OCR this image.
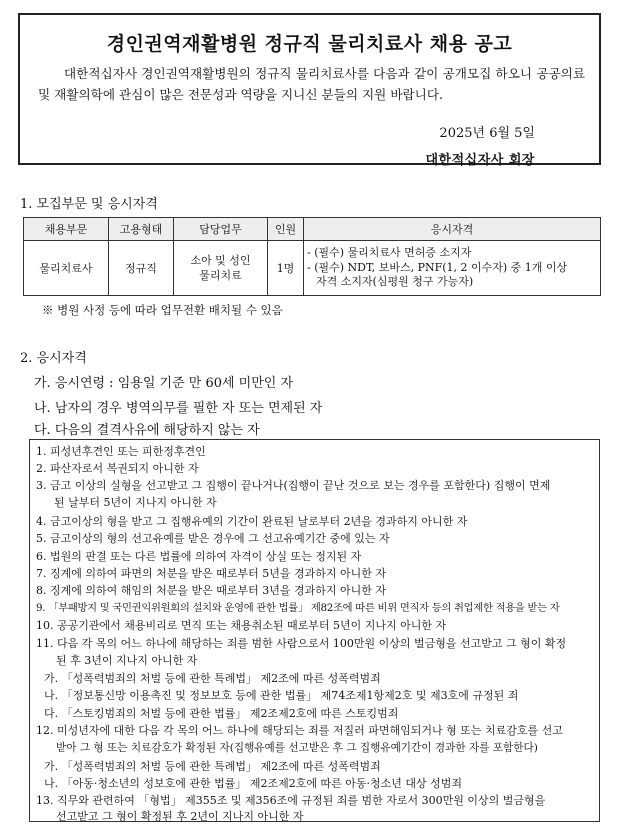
경인권역재활병원 정규직 물리치료사 채용 공고
대한적십자사 경인권역재활병원의 정규직 물리치료사를 다음과 같이 공개모집 하오니 공공의료 및 재활의학에 관심이 많은 전문성과 역량을 지니신 분들의 지원 바랍니다.
2025년 6월 5일
대한적십자사 회장
1. 모집부문 및 응시자격
채용부문	고용형태	담당업무	인원	응시자격
물리치료사	정규직	소아 및 성인 물리치료	1명	- (필수) 물리치료사 면허증 소지자
- (필수) NDT, 보바스, PNF(1, 2 이수자) 중 1개 이상
자격 소지자(심평원 청구 가능자)
※ 병원 사정 등에 따라 업무전환 배치될 수 있음
2. 응시자격
가. 응시연령 : 임용일 기준 만 60세 미만인 자
나. 남자의 경우 병역의무를 필한 자 또는 면제된 자
다. 다음의 결격사유에 해당하지 않는 자
1. 피성년후견인 또는 피한정후견인
2. 파산자로서 복권되지 아니한 자
3. 금고 이상의 실형을 선고받고 그 집행이 끝나거나(집행이 끝난 것으로 보는 경우를 포함한다) 집행이 면제
된 날부터 5년이 지나지 아니한 자
4. 금고이상의 형을 받고 그 집행유예의 기간이 완료된 날로부터 2년을 경과하지 아니한 자
5. 금고이상의 형의 선고유예를 받은 경우에 그 선고유예기간 중에 있는 자
6. 법원의 판결 또는 다른 법률에 의하여 자격이 상실 또는 정지된 자
7. 징계에 의하여 파면의 처분을 받은 때로부터 5년을 경과하지 아니한 자
8. 징계에 의하여 해임의 처분을 받은 때로부터 3년을 경과하지 아니한 자
9. 「부패방지 및 국민권익위원회의 설치와 운영에 관한 법률」 제82조에 따른 비위 면직자 등의 취업제한 적용을 받는 자
10. 공공기관에서 채용비리로 면직 또는 채용취소된 때로부터 5년이 지나지 아니한 자
11. 다음 각 목의 어느 하나에 해당하는 죄를 범한 사람으로서 100만원 이상의 벌금형을 선고받고 그 형이 확정
된 후 3년이 지나지 아니한 자
가. 「성폭력범죄의 처벌 등에 관한 특례법」 제2조에 따른 성폭력범죄
나. 「정보통신망 이용촉진 및 정보보호 등에 관한 법률」 제74조제1항제2호 및 제3호에 규정된 죄
다. 「스토킹범죄의 처벌 등에 관한 법률」 제2조제2호에 따른 스토킹범죄
12. 미성년자에 대한 다음 각 목의 어느 하나에 해당되는 죄를 저질러 파면해임되거나 형 또는 치료감호를 선고
받아 그 형 또는 치료감호가 확정된 자(집행유예를 선고받은 후 그 집행유예기간이 경과한 자를 포함한다)
가. 「성폭력범죄의 처벌 등에 관한 특례법」 제2조에 따른 성폭력범죄
나. 「아동·청소년의 성보호에 관한 법률」 제2조제2호에 따른 아동·청소년 대상 성범죄
13. 직무와 관련하여 「형법」 제355조 및 제356조에 규정된 죄를 범한 자로서 300만원 이상의 벌금형을
선고받고 그 형이 확정된 후 2년이 지나지 아니한 자
